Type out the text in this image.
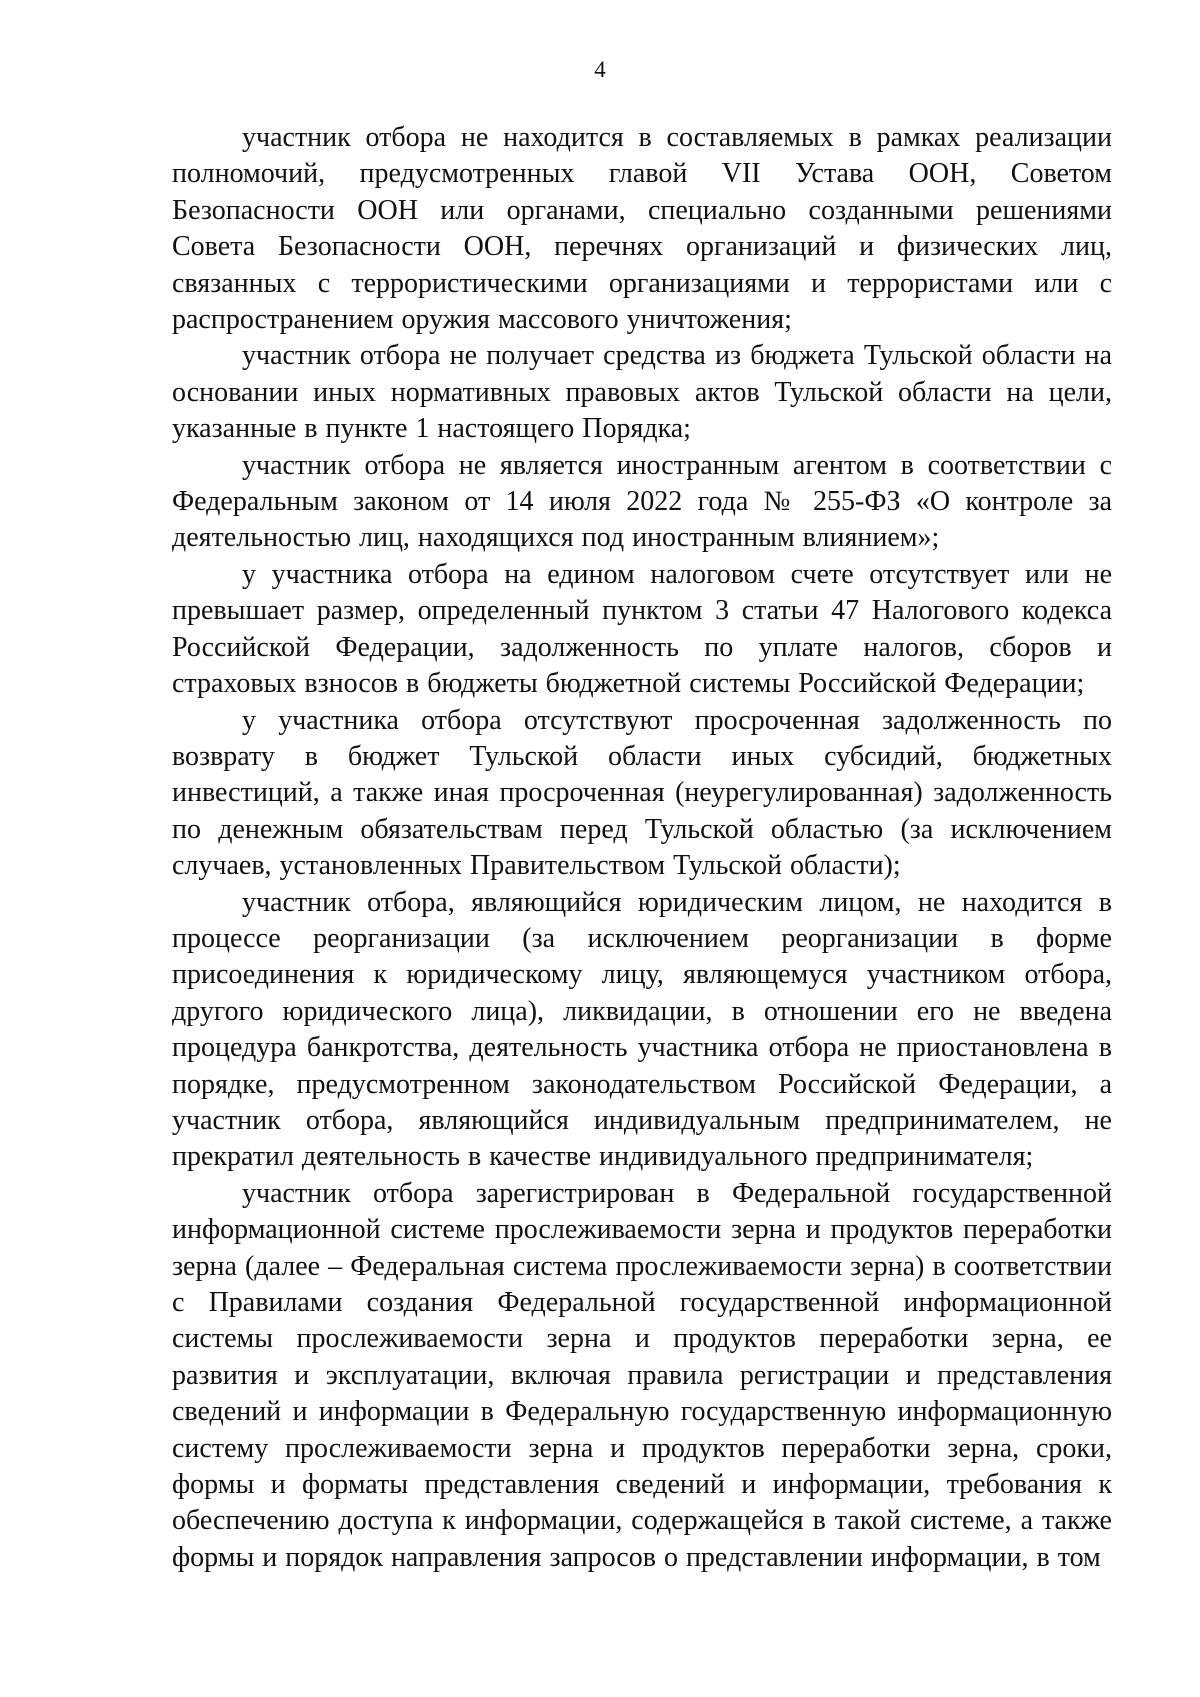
4

участник отбора не находится в составляемых в рамках реализации полномочий, предусмотренных главой VII Устава ООН, Советом Безопасности ООН или органами, специально созданными решениями Совета Безопасности ООН, перечнях организаций и физических лиц, связанных с террористическими организациями и террористами или с распространением оружия массового уничтожения;

участник отбора не получает средства из бюджета Тульской области на основании иных нормативных правовых актов Тульской области на цели, указанные в пункте 1 настоящего Порядка;

участник отбора не является иностранным агентом в соответствии с Федеральным законом от 14 июля 2022 года № 255-ФЗ «О контроле за деятельностью лиц, находящихся под иностранным влиянием»;

у участника отбора на едином налоговом счете отсутствует или не превышает размер, определенный пунктом 3 статьи 47 Налогового кодекса Российской Федерации, задолженность по уплате налогов, сборов и страховых взносов в бюджеты бюджетной системы Российской Федерации;

у участника отбора отсутствуют просроченная задолженность по возврату в бюджет Тульской области иных субсидий, бюджетных инвестиций, а также иная просроченная (неурегулированная) задолженность по денежным обязательствам перед Тульской областью (за исключением случаев, установленных Правительством Тульской области);

участник отбора, являющийся юридическим лицом, не находится в процессе реорганизации (за исключением реорганизации в форме присоединения к юридическому лицу, являющемуся участником отбора, другого юридического лица), ликвидации, в отношении его не введена процедура банкротства, деятельность участника отбора не приостановлена в порядке, предусмотренном законодательством Российской Федерации, а участник отбора, являющийся индивидуальным предпринимателем, не прекратил деятельность в качестве индивидуального предпринимателя;

участник отбора зарегистрирован в Федеральной государственной информационной системе прослеживаемости зерна и продуктов переработки зерна (далее – Федеральная система прослеживаемости зерна) в соответствии с Правилами создания Федеральной государственной информационной системы прослеживаемости зерна и продуктов переработки зерна, ее развития и эксплуатации, включая правила регистрации и представления сведений и информации в Федеральную государственную информационную систему прослеживаемости зерна и продуктов переработки зерна, сроки, формы и форматы представления сведений и информации, требования к обеспечению доступа к информации, содержащейся в такой системе, а также формы и порядок направления запросов о представлении информации, в том
